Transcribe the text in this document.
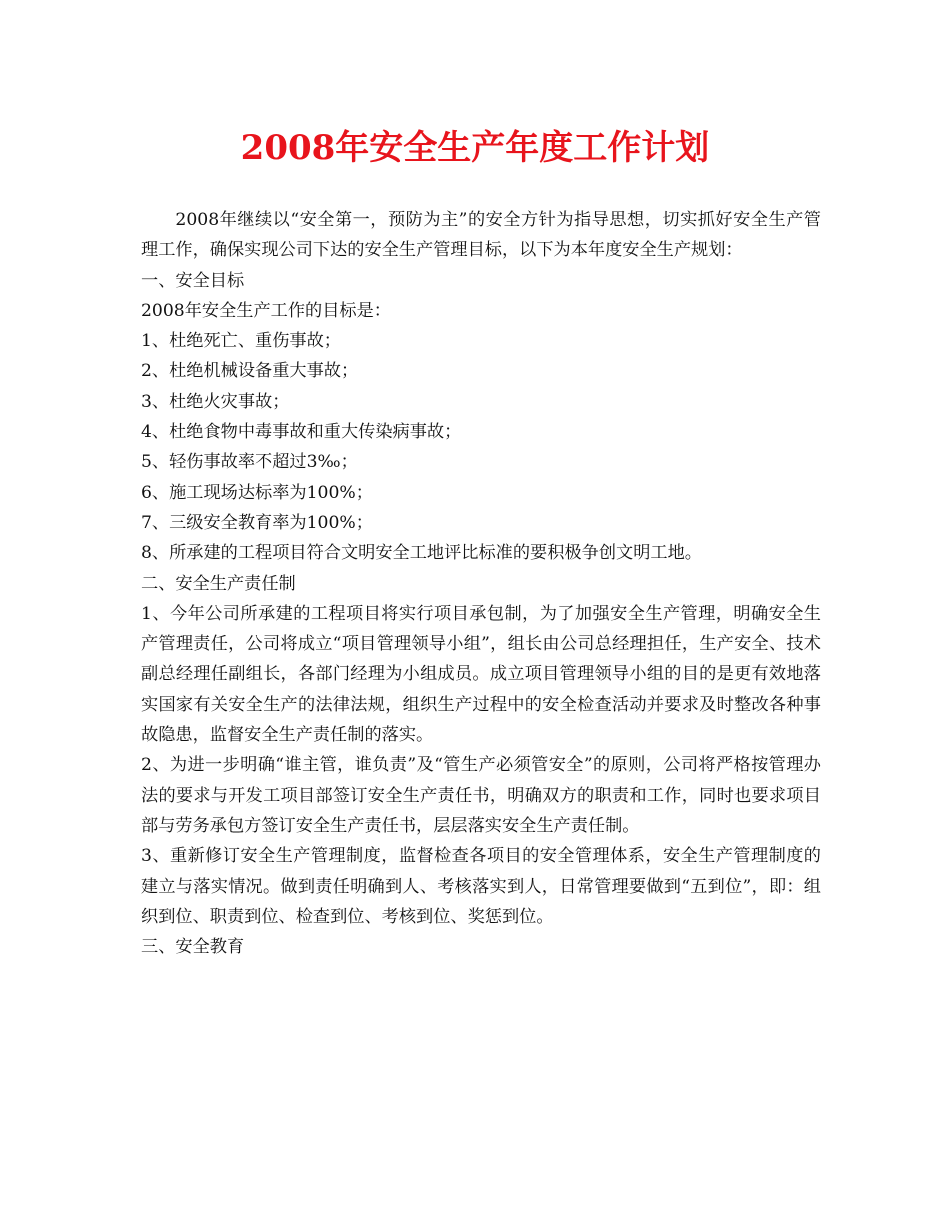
2008年安全生产年度工作计划

2008年继续以“安全第一，预防为主”的安全方针为指导思想，切实抓好安全生产管理工作，确保实现公司下达的安全生产管理目标，以下为本年度安全生产规划：

一、安全目标

2008年安全生产工作的目标是：

1、杜绝死亡、重伤事故；

2、杜绝机械设备重大事故；

3、杜绝火灾事故；

4、杜绝食物中毒事故和重大传染病事故；

5、轻伤事故率不超过3‰；

6、施工现场达标率为100%；

7、三级安全教育率为100%；

8、所承建的工程项目符合文明安全工地评比标准的要积极争创文明工地。

二、安全生产责任制

1、今年公司所承建的工程项目将实行项目承包制，为了加强安全生产管理，明确安全生产管理责任，公司将成立“项目管理领导小组”，组长由公司总经理担任，生产安全、技术副总经理任副组长，各部门经理为小组成员。成立项目管理领导小组的目的是更有效地落实国家有关安全生产的法律法规，组织生产过程中的安全检查活动并要求及时整改各种事故隐患，监督安全生产责任制的落实。

2、为进一步明确“谁主管，谁负责”及“管生产必须管安全”的原则，公司将严格按管理办法的要求与开发工项目部签订安全生产责任书，明确双方的职责和工作，同时也要求项目部与劳务承包方签订安全生产责任书，层层落实安全生产责任制。

3、重新修订安全生产管理制度，监督检查各项目的安全管理体系，安全生产管理制度的建立与落实情况。做到责任明确到人、考核落实到人，日常管理要做到“五到位”，即：组织到位、职责到位、检查到位、考核到位、奖惩到位。

三、安全教育
